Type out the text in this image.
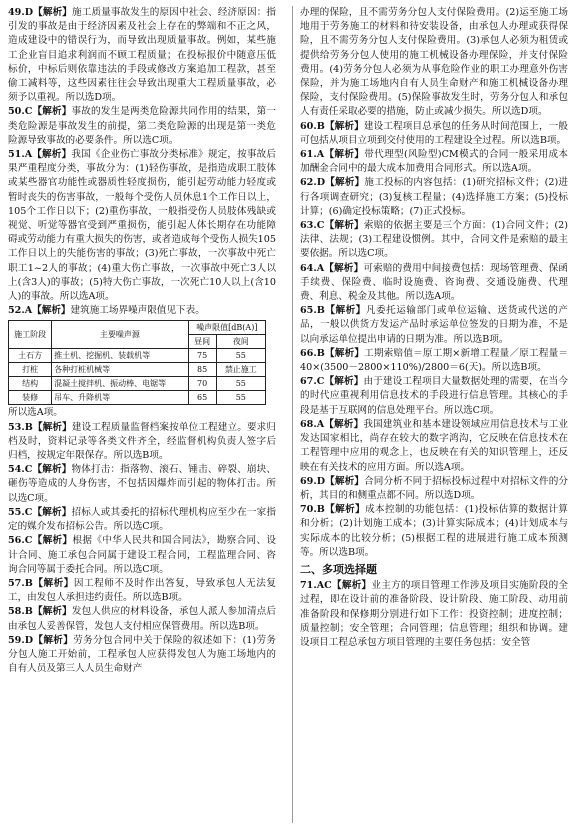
49.D【解析】施工质量事故发生的原因中社会、经济原因：指引发的事故是由于经济因素及社会上存在的弊端和不正之风，造成建设中的错误行为，而导致出现质量事故。例如，某些施工企业盲目追求利润而不顾工程质量；在投标报价中随意压低标价，中标后则依靠违法的手段或修改方案追加工程款，甚至偷工减料等，这些因素往往会导致出现重大工程质量事故，必须予以重视。所以选D项。

50.C【解析】事故的发生是两类危险源共同作用的结果，第一类危险源是事故发生的前提，第二类危险源的出现是第一类危险源导致事故的必要条件。所以选C项。

51.A【解析】我国《企业伤亡事故分类标准》规定，按事故后果严重程度分类，事故分为：(1)轻伤事故，是指造成职工肢体或某些器官功能性或器质性轻度损伤，能引起劳动能力轻度或暂时丧失的伤害事故，一般每个受伤人员休息1个工作日以上，105个工作日以下；(2)重伤事故，一般指受伤人员肢体残缺或视觉、听觉等器官受到严重损伤，能引起人体长期存在功能障碍或劳动能力有重大损失的伤害，或者造成每个受伤人损失105工作日以上的失能伤害的事故；(3)死亡事故，一次事故中死亡职工1~2人的事故；(4)重大伤亡事故，一次事故中死亡3人以上(含3人)的事故；(5)特大伤亡事故，一次死亡10人以上(含10人)的事故。所以选A项。

52.A【解析】建筑施工场界噪声限值见下表。

施工阶段	主要噪声源	噪声限值[dB(A)]	
		昼间	夜间
土石方	推土机、挖掘机、装载机等	75	55
打桩	各种打桩机械等	85	禁止施工
结构	混凝土搅拌机、振动棒、电锯等	70	55
装修	吊车、升降机等	65	55

所以选A项。

53.B【解析】建设工程质量监督档案按单位工程建立。要求归档及时，资料记录等各类文件齐全，经监督机构负责人签字后归档，按规定年限保存。所以选B项。

54.C【解析】物体打击：指落物、滚石、锤击、碎裂、崩块、砸伤等造成的人身伤害，不包括因爆炸而引起的物体打击。所以选C项。

55.C【解析】招标人或其委托的招标代理机构应至少在一家指定的媒介发布招标公告。所以选C项。

56.C【解析】根据《中华人民共和国合同法》，勘察合同、设计合同、施工承包合同属于建设工程合同，工程监理合同、咨询合同等属于委托合同。所以选C项。

57.B【解析】因工程师不及时作出答复，导致承包人无法复工，由发包人承担违约责任。所以选B项。

58.B【解析】发包人供应的材料设备，承包人派人参加清点后由承包人妥善保管，发包人支付相应保管费用。所以选B项。

59.D【解析】劳务分包合同中关于保险的叙述如下：(1)劳务分包人施工开始前，工程承包人应获得发包人为施工场地内的自有人员及第三人人员生命财产

办理的保险，且不需劳务分包人支付保险费用。(2)运至施工场地用于劳务施工的材料和待安装设备，由承包人办理或获得保险，且不需劳务分包人支付保险费用。(3)承包人必须为租赁或提供给劳务分包人使用的施工机械设备办理保险，并支付保险费用。(4)劳务分包人必须为从事危险作业的职工办理意外伤害保险，并为施工场地内自有人员生命财产和施工机械设备办理保险，支付保险费用。(5)保险事故发生时，劳务分包人和承包人有责任采取必要的措施，防止或减少损失。所以选D项。

60.B【解析】建设工程项目总承包的任务从时间范围上，一般可包括从项目立项到交付使用的工程建设全过程。所以选B项。

61.A【解析】带代理型(风险型)CM模式的合同一般采用成本加酬金合同中的最大成本加费用合同形式。所以选A项。

62.D【解析】施工投标的内容包括：(1)研究招标文件；(2)进行各项调查研究；(3)复核工程量；(4)选择施工方案；(5)投标计算；(6)确定投标策略；(7)正式投标。

63.C【解析】索赔的依据主要是三个方面：(1)合同文件；(2)法律、法规；(3)工程建设惯例。其中，合同文件是索赔的最主要依据。所以选C项。

64.A【解析】可索赔的费用中间接费包括：现场管理费、保函手续费、保险费、临时设施费、咨询费、交通设施费、代理费、利息、税金及其他。所以选A项。

65.B【解析】凡委托运输部门或单位运输、送货或代送的产品，一般以供货方发运产品时承运单位签发的日期为准，不是以向承运单位提出申请的日期为准。所以选B项。

66.B【解析】工期索赔值＝原工期×新增工程量／原工程量＝40×(3500－2800×110%)/2800＝6(天)。所以选B项。

67.C【解析】由于建设工程项目大量数据处理的需要，在当今的时代应重视利用信息技术的手段进行信息管理。其核心的手段是基于互联网的信息处理平台。所以选C项。

68.A【解析】我国建筑业和基本建设领域应用信息技术与工业发达国家相比，尚存在较大的数字鸿沟，它反映在信息技术在工程管理中应用的观念上，也反映在有关的知识管理上，还反映在有关技术的应用方面。所以选A项。

69.D【解析】合同分析不同于招标投标过程中对招标文件的分析，其目的和侧重点都不同。所以选D项。

70.B【解析】成本控制的功能包括：(1)投标估算的数据计算和分析；(2)计划施工成本；(3)计算实际成本；(4)计划成本与实际成本的比较分析；(5)根据工程的进展进行施工成本预测等。所以选B项。

二、多项选择题

71.AC【解析】业主方的项目管理工作涉及项目实施阶段的全过程，即在设计前的准备阶段、设计阶段、施工阶段、动用前准备阶段和保修期分别进行如下工作：投资控制；进度控制；质量控制；安全管理；合同管理；信息管理；组织和协调。建设项目工程总承包方项目管理的主要任务包括：安全管
